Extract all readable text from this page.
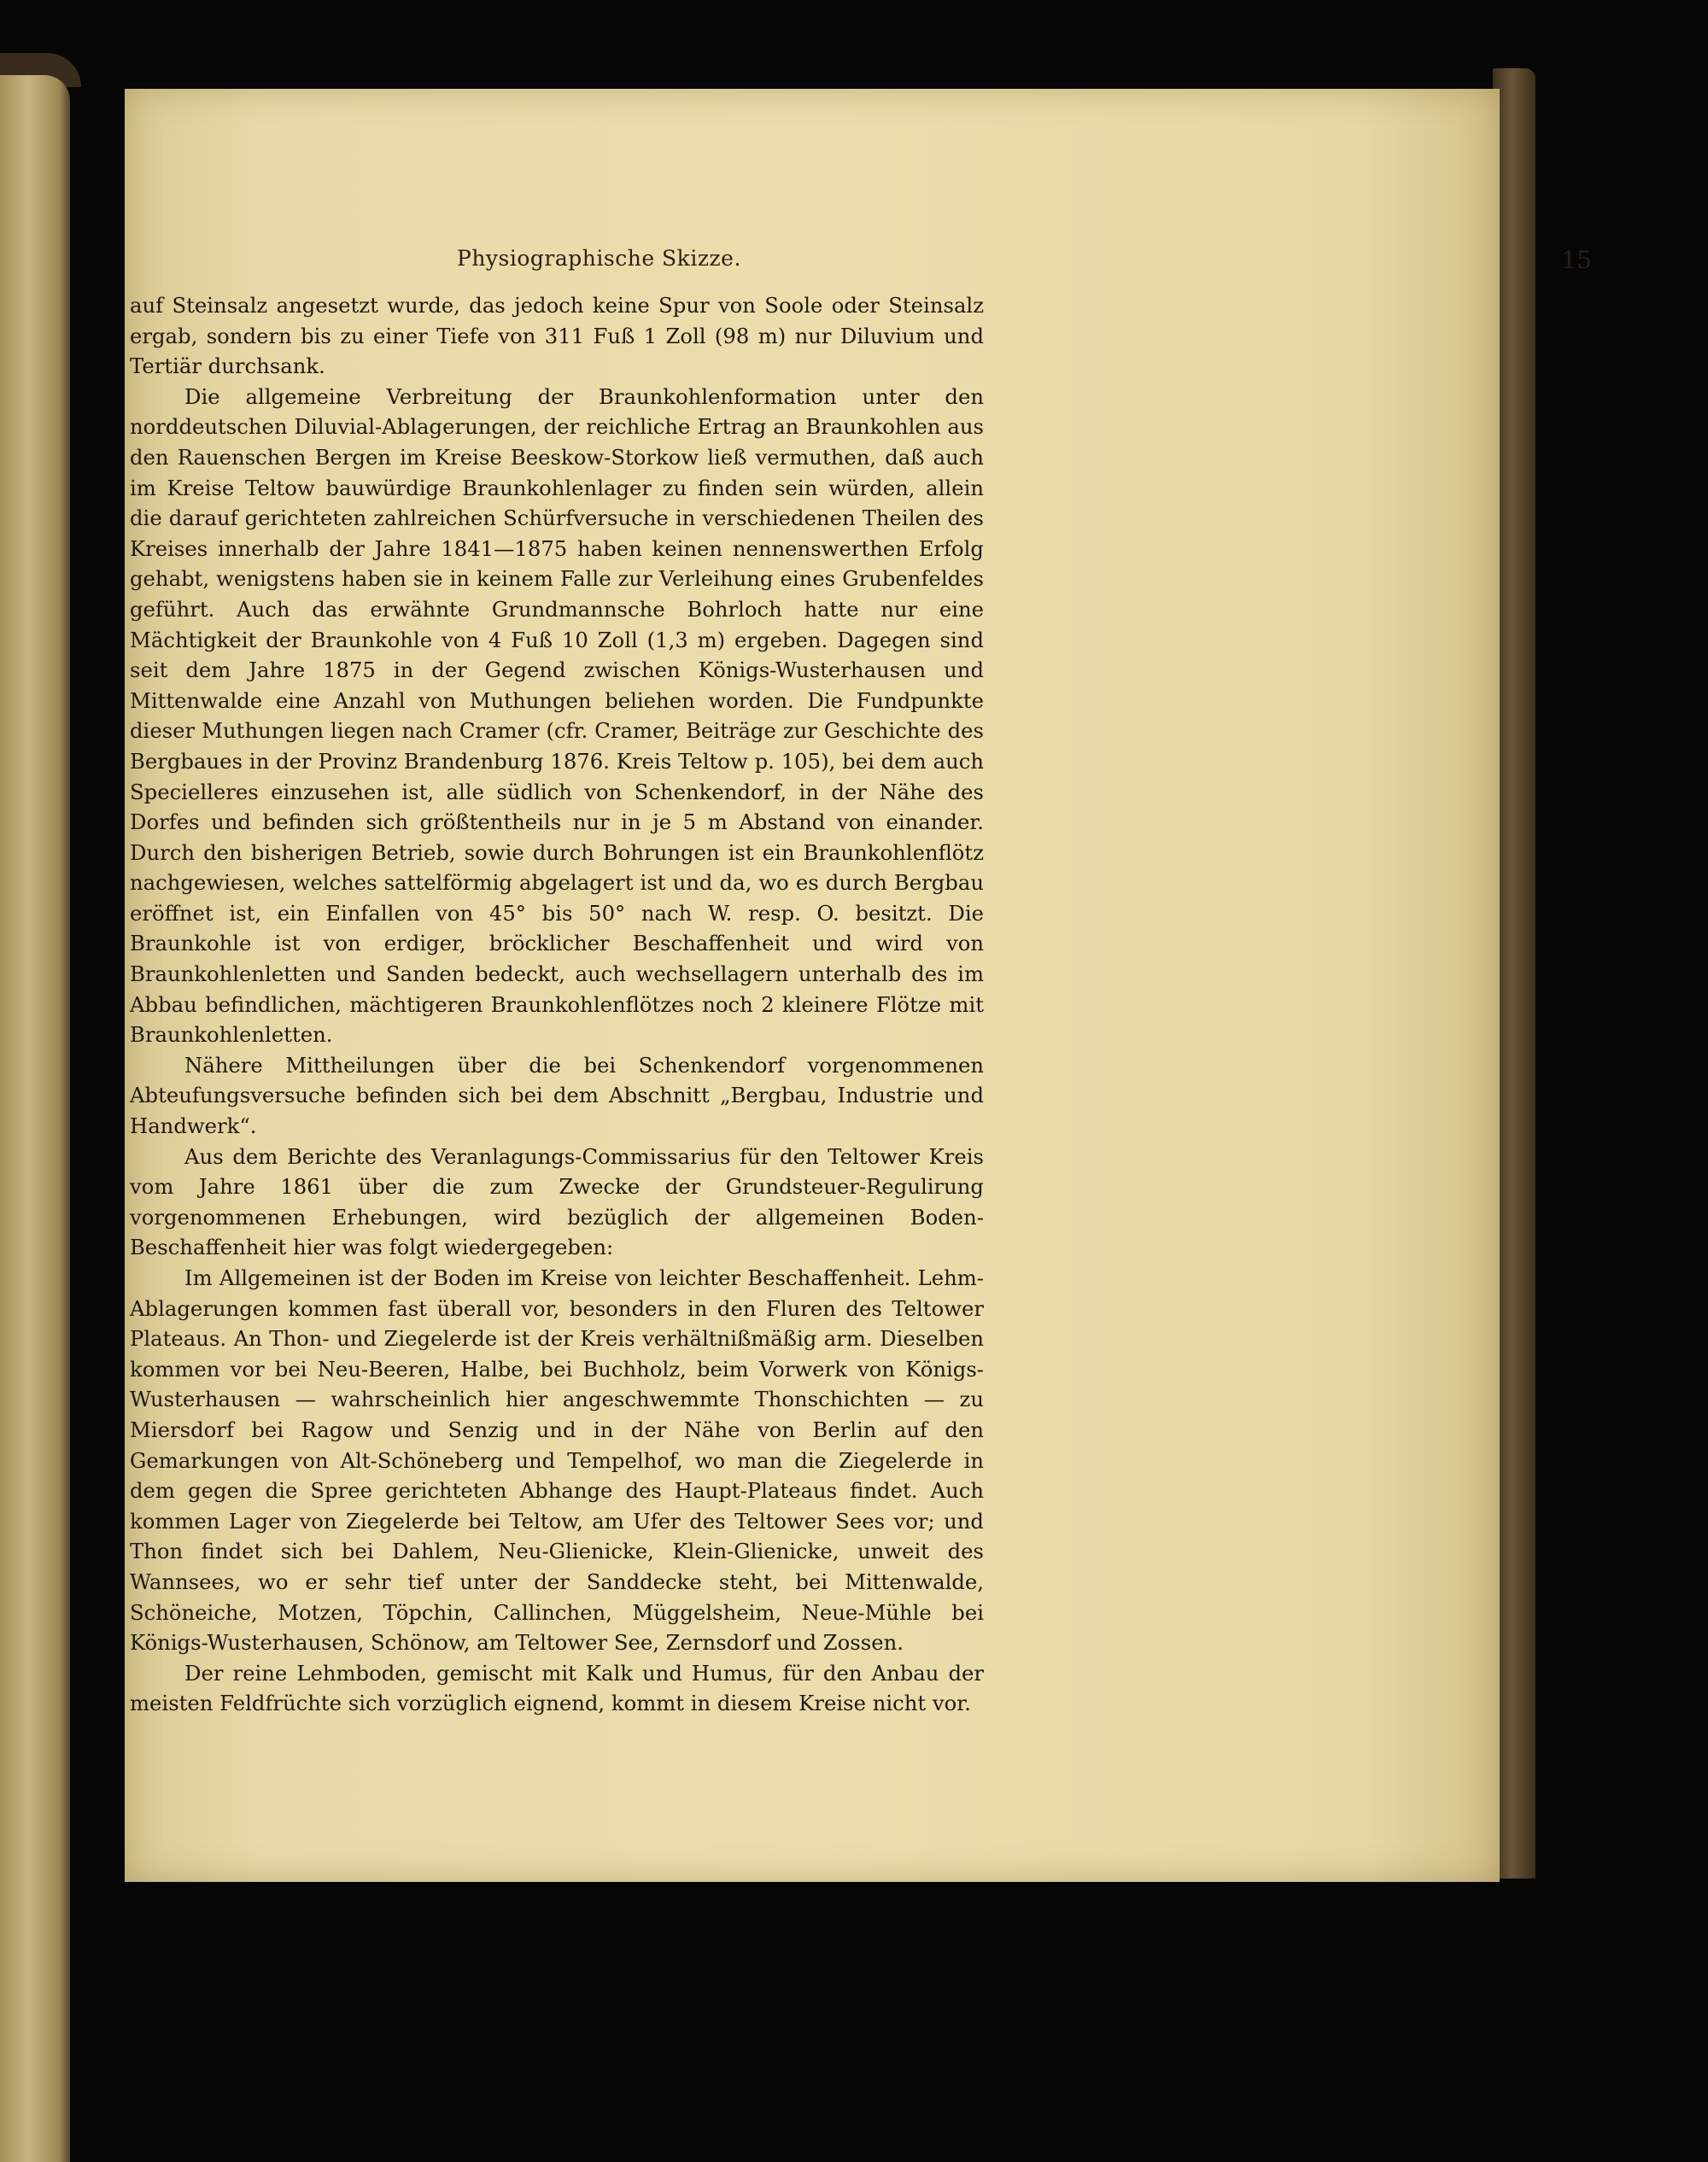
Physiographische Skizze.	15

auf Steinsalz angesetzt wurde, das jedoch keine Spur von Soole oder Steinsalz ergab, sondern bis zu einer Tiefe von 311 Fuß 1 Zoll (98 m) nur Diluvium und Tertiär durchsank.

Die allgemeine Verbreitung der Braunkohlenformation unter den norddeutschen Diluvial-Ablagerungen, der reichliche Ertrag an Braunkohlen aus den Rauenschen Bergen im Kreise Beeskow-Storkow ließ vermuthen, daß auch im Kreise Teltow bauwürdige Braunkohlenlager zu finden sein würden, allein die darauf gerichteten zahlreichen Schürfversuche in verschiedenen Theilen des Kreises innerhalb der Jahre 1841—1875 haben keinen nennenswerthen Erfolg gehabt, wenigstens haben sie in keinem Falle zur Verleihung eines Grubenfeldes geführt. Auch das erwähnte Grundmannsche Bohrloch hatte nur eine Mächtigkeit der Braunkohle von 4 Fuß 10 Zoll (1,3 m) ergeben. Dagegen sind seit dem Jahre 1875 in der Gegend zwischen Königs-Wusterhausen und Mittenwalde eine Anzahl von Muthungen beliehen worden. Die Fundpunkte dieser Muthungen liegen nach Cramer (cfr. Cramer, Beiträge zur Geschichte des Bergbaues in der Provinz Brandenburg 1876. Kreis Teltow p. 105), bei dem auch Specielleres einzusehen ist, alle südlich von Schenkendorf, in der Nähe des Dorfes und befinden sich größtentheils nur in je 5 m Abstand von einander. Durch den bisherigen Betrieb, sowie durch Bohrungen ist ein Braunkohlenflötz nachgewiesen, welches sattelförmig abgelagert ist und da, wo es durch Bergbau eröffnet ist, ein Einfallen von 45° bis 50° nach W. resp. O. besitzt. Die Braunkohle ist von erdiger, bröcklicher Beschaffenheit und wird von Braunkohlenletten und Sanden bedeckt, auch wechsellagern unterhalb des im Abbau befindlichen, mächtigeren Braunkohlenflötzes noch 2 kleinere Flötze mit Braunkohlenletten.

Nähere Mittheilungen über die bei Schenkendorf vorgenommenen Abteufungsversuche befinden sich bei dem Abschnitt „Bergbau, Industrie und Handwerk“.

Aus dem Berichte des Veranlagungs-Commissarius für den Teltower Kreis vom Jahre 1861 über die zum Zwecke der Grundsteuer-Regulirung vorgenommenen Erhebungen, wird bezüglich der allgemeinen Boden-Beschaffenheit hier was folgt wiedergegeben:

Im Allgemeinen ist der Boden im Kreise von leichter Beschaffenheit. Lehm-Ablagerungen kommen fast überall vor, besonders in den Fluren des Teltower Plateaus. An Thon- und Ziegelerde ist der Kreis verhältnißmäßig arm. Dieselben kommen vor bei Neu-Beeren, Halbe, bei Buchholz, beim Vorwerk von Königs-Wusterhausen — wahrscheinlich hier angeschwemmte Thonschichten — zu Miersdorf bei Ragow und Senzig und in der Nähe von Berlin auf den Gemarkungen von Alt-Schöneberg und Tempelhof, wo man die Ziegelerde in dem gegen die Spree gerichteten Abhange des Haupt-Plateaus findet. Auch kommen Lager von Ziegelerde bei Teltow, am Ufer des Teltower Sees vor; und Thon findet sich bei Dahlem, Neu-Glienicke, Klein-Glienicke, unweit des Wannsees, wo er sehr tief unter der Sanddecke steht, bei Mittenwalde, Schöneiche, Motzen, Töpchin, Callinchen, Müggelsheim, Neue-Mühle bei Königs-Wusterhausen, Schönow, am Teltower See, Zernsdorf und Zossen.

Der reine Lehmboden, gemischt mit Kalk und Humus, für den Anbau der meisten Feldfrüchte sich vorzüglich eignend, kommt in diesem Kreise nicht vor.
